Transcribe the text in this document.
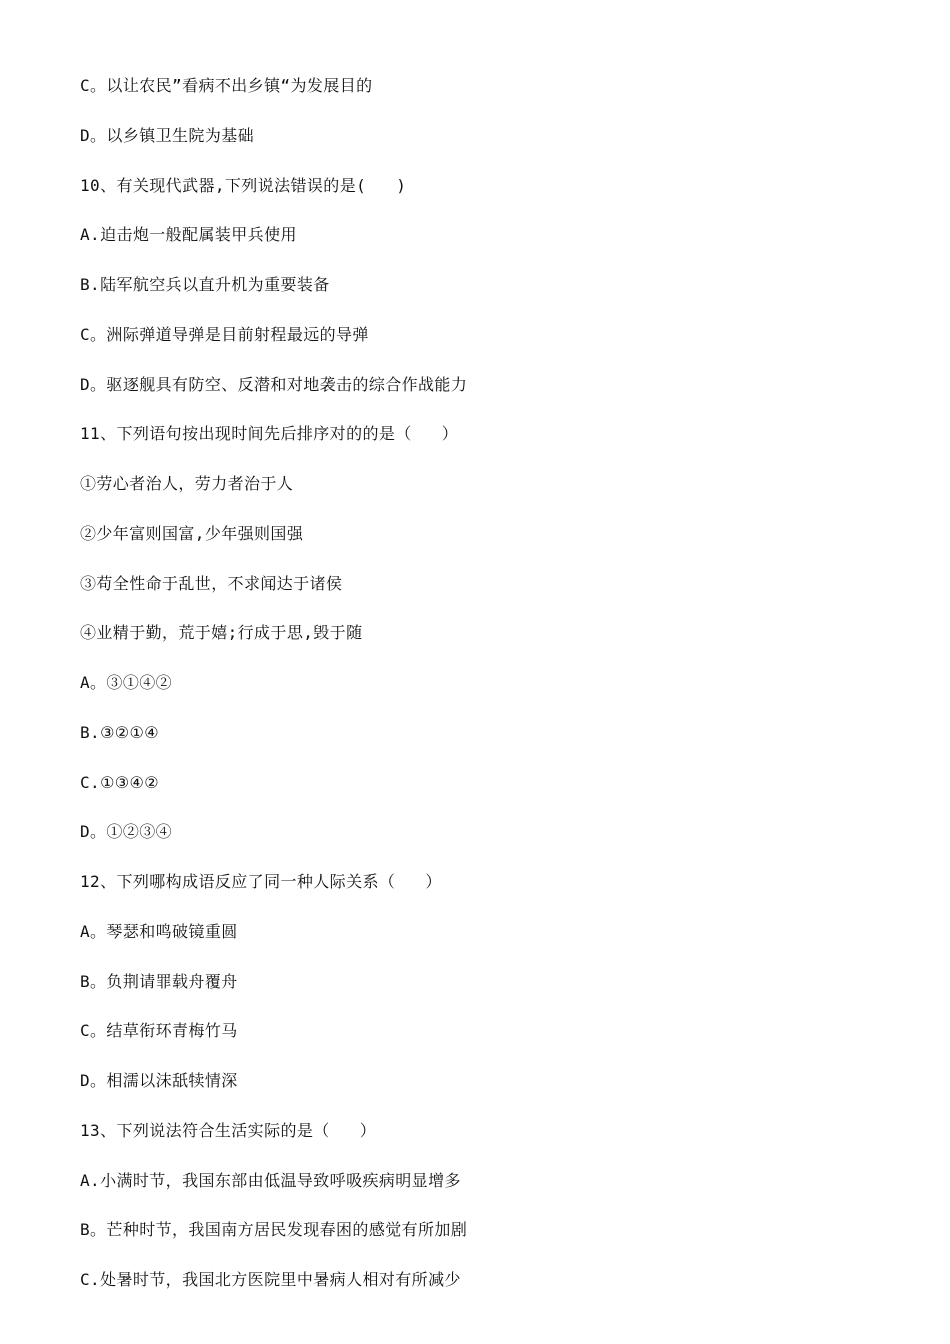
C。以让农民”看病不出乡镇“为发展目的
D。以乡镇卫生院为基础
10、有关现代武器,下列说法错误的是(   )
A.迫击炮一般配属装甲兵使用
B.陆军航空兵以直升机为重要装备
C。洲际弹道导弹是目前射程最远的导弹
D。驱逐舰具有防空、反潜和对地袭击的综合作战能力
11、下列语句按出现时间先后排序对的的是（   ）
①劳心者治人，劳力者治于人
②少年富则国富,少年强则国强
③苟全性命于乱世，不求闻达于诸侯
④业精于勤，荒于嬉;行成于思,毁于随
A。③①④②
B.③②①④
C.①③④②
D。①②③④
12、下列哪构成语反应了同一种人际关系（   ）
A。琴瑟和鸣破镜重圆
B。负荆请罪载舟覆舟
C。结草衔环青梅竹马
D。相濡以沫舐犊情深
13、下列说法符合生活实际的是（   ）
A.小满时节，我国东部由低温导致呼吸疾病明显增多
B。芒种时节，我国南方居民发现春困的感觉有所加剧
C.处暑时节，我国北方医院里中暑病人相对有所减少
